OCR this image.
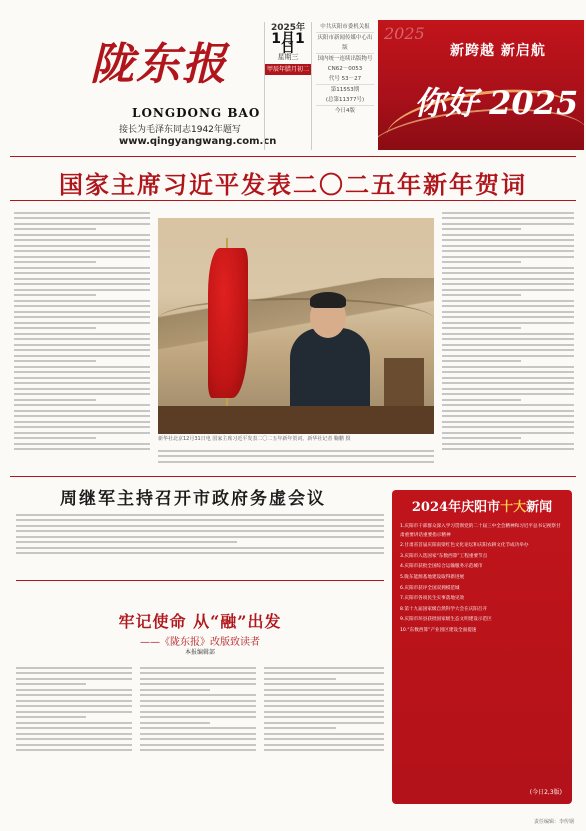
陇东报
LONGDONG BAO
接长为毛泽东同志1942年题写
www.qingyangwang.com.cn
2025年
1月1日
星期三
甲辰年腊月初二
中共庆阳市委机关报
庆阳市新闻传媒中心出版
国内统一连续出版物号
CN62－0053
代号 53－27
第11553期
(总第11377号)
今日4版
2025
新跨越 新启航
你好 2025
国家主席习近平发表二〇二五年新年贺词
新华社北京12月31日电 国家主席习近平发表二〇二五年新年贺词。新华社记者 鞠鹏 摄
周继军主持召开市政府务虚会议
牢记使命 从“融”出发
——《陇东报》改版致读者
本报编辑部
2024年庆阳市十大新闻
1.庆阳市干部群众深入学习贯彻党的二十届三中全会精神和习近平总书记视察甘肃重要讲话重要指示精神
2.甘肃省首届庆阳南梁红色文化论坛和庆阳农耕文化节成功举办
3.庆阳市入选国家“东数西算”工程重要节点
4.庆阳市获批全国综合运输服务示范城市
5.陇东能源基地建设取得新进展
6.庆阳市获评全国双拥模范城
7.庆阳市各项民生实事落地见效
8.第十九届国家级自然科学大会在庆阳召开
9.庆阳市环县获批国家级生态文明建设示范区
10.“东数西算”产业园区建设全面提速
(今日2,3版)
责任编辑：李传钢
